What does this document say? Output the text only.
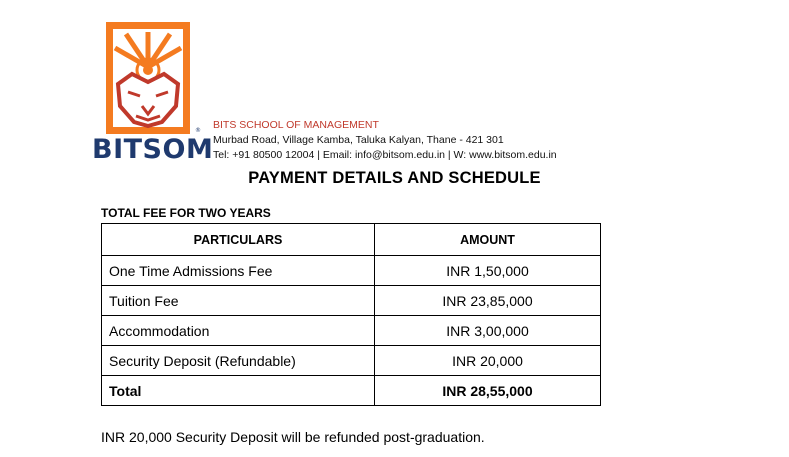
®
BITSOM
BITS SCHOOL OF MANAGEMENT
Murbad Road, Village Kamba, Taluka Kalyan, Thane - 421 301
Tel: +91 80500 12004 | Email: info@bitsom.edu.in | W: www.bitsom.edu.in
PAYMENT DETAILS AND SCHEDULE
TOTAL FEE FOR TWO YEARS
PARTICULARS	AMOUNT
One Time Admissions Fee	INR 1,50,000
Tuition Fee	INR 23,85,000
Accommodation	INR 3,00,000
Security Deposit (Refundable)	INR 20,000
Total	INR 28,55,000
INR 20,000 Security Deposit will be refunded post-graduation.
